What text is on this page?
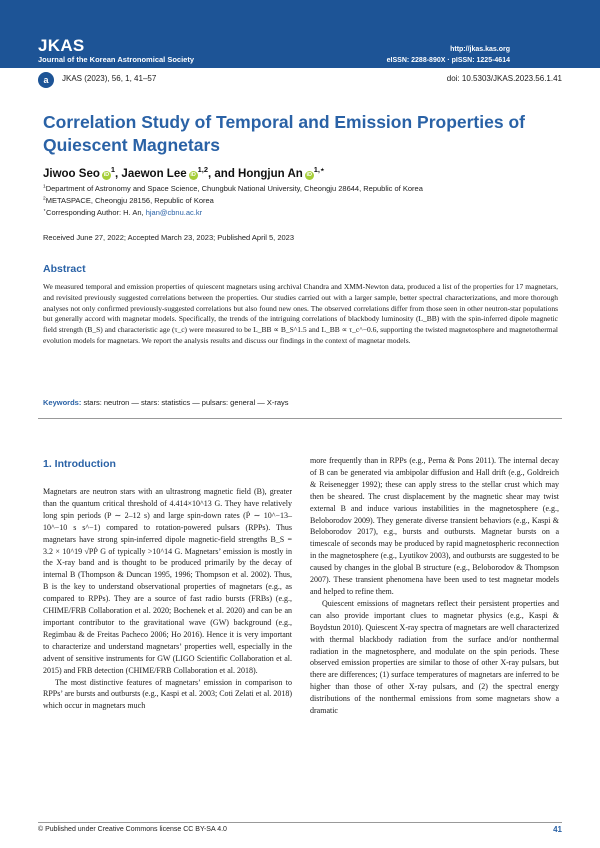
JKAS
Journal of the Korean Astronomical Society
http://jkas.kas.org
eISSN: 2288-890X · pISSN: 1225-4614
a	JKAS (2023), 56, 1, 41–57	doi: 10.5303/JKAS.2023.56.1.41
Correlation Study of Temporal and Emission Properties of Quiescent Magnetars
Jiwoo Seo $iD^1$, Jaewon Lee iD$^{1,2}$, and Hongjun An $iD^{1,⋆}$
$^1$Department of Astronomy and Space Science, Chungbuk National University, Cheongju 28644, Republic of Korea
$^2$METASPACE, Cheongju 28156, Republic of Korea
⋆Corresponding Author: H. An, hjan@cbnu.ac.kr
Received June 27, 2022; Accepted March 23, 2023; Published April 5, 2023
Abstract
We measured temporal and emission properties of quiescent magnetars using archival Chandra and XMM-Newton data, produced a list of the properties for 17 magnetars, and revisited previously suggested correlations between the properties. Our studies carried out with a larger sample, better spectral characterizations, and more thorough analyses not only confirmed previously-suggested correlations but also found new ones. The observed correlations differ from those seen in other neutron-star populations but generally accord with magnetar models. Specifically, the trends of the intriguing correlations of blackbody luminosity (L_BB) with the spin-inferred dipole magnetic field strength (B_S) and characteristic age (τ_c) were measured to be L_BB ∝ B_S^1.5 and L_BB ∝ τ_c^−0.6, supporting the twisted magnetosphere and magnetothermal evolution models for magnetars. We report the analysis results and discuss our findings in the context of magnetar models.
Keywords: stars: neutron — stars: statistics — pulsars: general — X-rays
1. Introduction

Magnetars are neutron stars with an ultrastrong magnetic field (B), greater than the quantum critical threshold of 4.414×10^13 G. They have relatively long spin periods (P ∼ 2–12 s) and large spin-down rates (Ṗ ∼ 10^−13–10^−10 s s^−1) compared to rotation-powered pulsars (RPPs). Thus magnetars have strong spin-inferred dipole magnetic-field strengths B_S = 3.2 × 10^19 √PṖ G of typically >10^14 G. Magnetars’ emission is mostly in the X-ray band and is thought to be produced primarily by the decay of internal B (Thompson & Duncan 1995, 1996; Thompson et al. 2002). Thus, B is the key to understand observational properties of magnetars (e.g., as compared to RPPs). They are a source of fast radio bursts (FRBs) (e.g., CHIME/FRB Collaboration et al. 2020; Bochenek et al. 2020) and can be an important contributor to the gravitational wave (GW) background (e.g., Regimbau & de Freitas Pacheco 2006; Ho 2016). Hence it is very important to characterize and understand magnetars’ properties well, especially in the advent of sensitive instruments for GW (LIGO Scientific Collaboration et al. 2015) and FRB detection (CHIME/FRB Collaboration et al. 2018).

The most distinctive features of magnetars’ emission in comparison to RPPs’ are bursts and outbursts (e.g., Kaspi et al. 2003; Coti Zelati et al. 2018) which occur in magnetars much

more frequently than in RPPs (e.g., Perna & Pons 2011). The internal decay of B can be generated via ambipolar diffusion and Hall drift (e.g., Goldreich & Reisenegger 1992); these can apply stress to the stellar crust which may then be sheared. The crust displacement by the magnetic shear may twist external B and induce various instabilities in the magnetosphere (e.g., Beloborodov 2009). They generate diverse transient behaviors (e.g., Kaspi & Beloborodov 2017), e.g., bursts and outbursts. Magnetar bursts on a timescale of seconds may be produced by rapid magnetospheric reconnection in the magnetosphere (e.g., Lyutikov 2003), and outbursts are suggested to be caused by changes in the global B structure (e.g., Beloborodov & Thompson 2007). These transient phenomena have been used to test magnetar models and helped to refine them.

Quiescent emissions of magnetars reflect their persistent properties and can also provide important clues to magnetar physics (e.g., Kaspi & Boydstun 2010). Quiescent X-ray spectra of magnetars are well characterized with thermal blackbody radiation from the surface and/or nonthermal radiation in the magnetosphere, and modulate on the spin periods. These observed emission properties are similar to those of other X-ray pulsars, but there are differences; (1) surface temperatures of magnetars are inferred to be higher than those of other X-ray pulsars, and (2) the spectral energy distributions of the nonthermal emissions from some magnetars show a dramatic

© Published under Creative Commons license CC BY-SA 4.0	41
